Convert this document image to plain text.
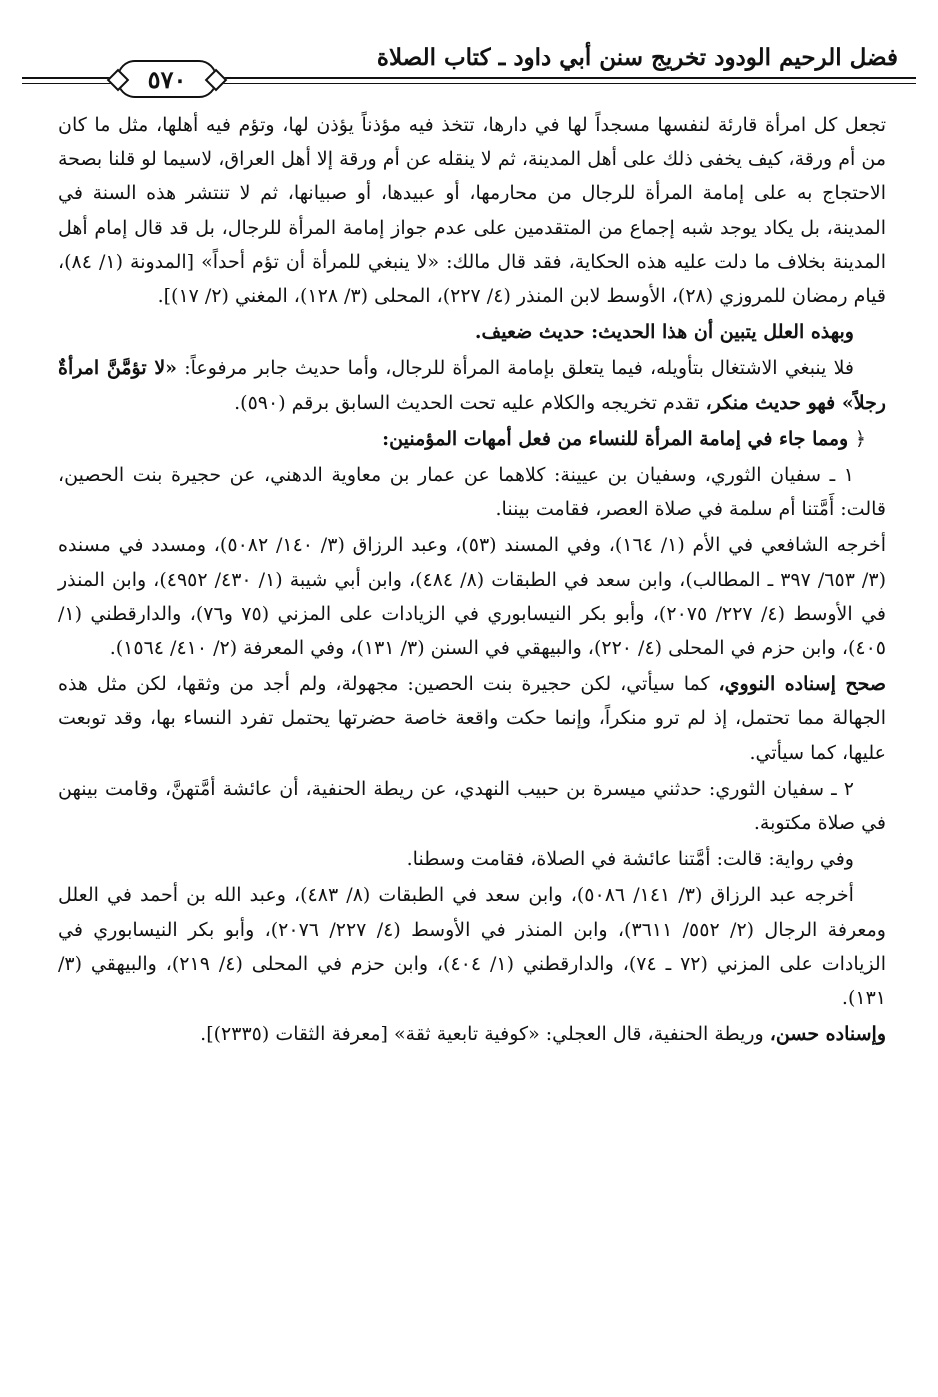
فضل الرحيم الودود تخريج سنن أبي داود ـ كتاب الصلاة
٥٧٠

تجعل كل امرأة قارئة لنفسها مسجداً لها في دارها، تتخذ فيه مؤذناً يؤذن لها، وتؤم فيه أهلها، مثل ما كان من أم ورقة، كيف يخفى ذلك على أهل المدينة، ثم لا ينقله عن أم ورقة إلا أهل العراق، لاسيما لو قلنا بصحة الاحتجاج به على إمامة المرأة للرجال من محارمها، أو عبيدها، أو صبيانها، ثم لا تنتشر هذه السنة في المدينة، بل يكاد يوجد شبه إجماع من المتقدمين على عدم جواز إمامة المرأة للرجال، بل قد قال إمام أهل المدينة بخلاف ما دلت عليه هذه الحكاية، فقد قال مالك: «لا ينبغي للمرأة أن تؤم أحداً» [المدونة (١/ ٨٤)، قيام رمضان للمروزي (٢٨)، الأوسط لابن المنذر (٤/ ٢٢٧)، المحلى (٣/ ١٢٨)، المغني (٢/ ١٧)].

وبهذه العلل يتبين أن هذا الحديث: حديث ضعيف.

فلا ينبغي الاشتغال بتأويله، فيما يتعلق بإمامة المرأة للرجال، وأما حديث جابر مرفوعاً: «لا تؤمَّنَّ امرأةٌ رجلاً» فهو حديث منكر، تقدم تخريجه والكلام عليه تحت الحديث السابق برقم (٥٩٠).

﴿ ومما جاء في إمامة المرأة للنساء من فعل أمهات المؤمنين:

١ ـ سفيان الثوري، وسفيان بن عيينة: كلاهما عن عمار بن معاوية الدهني، عن حجيرة بنت الحصين، قالت: أَمَّتنا أم سلمة في صلاة العصر، فقامت بيننا.

أخرجه الشافعي في الأم (١/ ١٦٤)، وفي المسند (٥٣)، وعبد الرزاق (٣/ ١٤٠/ ٥٠٨٢)، ومسدد في مسنده (٣/ ٦٥٣/ ٣٩٧ ـ المطالب)، وابن سعد في الطبقات (٨/ ٤٨٤)، وابن أبي شيبة (١/ ٤٣٠/ ٤٩٥٢)، وابن المنذر في الأوسط (٤/ ٢٢٧/ ٢٠٧٥)، وأبو بكر النيسابوري في الزيادات على المزني (٧٥ و٧٦)، والدارقطني (١/ ٤٠٥)، وابن حزم في المحلى (٤/ ٢٢٠)، والبيهقي في السنن (٣/ ١٣١)، وفي المعرفة (٢/ ٤١٠/ ١٥٦٤).

صحح إسناده النووي، كما سيأتي، لكن حجيرة بنت الحصين: مجهولة، ولم أجد من وثقها، لكن مثل هذه الجهالة مما تحتمل، إذ لم ترو منكراً، وإنما حكت واقعة خاصة حضرتها يحتمل تفرد النساء بها، وقد توبعت عليها، كما سيأتي.

٢ ـ سفيان الثوري: حدثني ميسرة بن حبيب النهدي، عن ريطة الحنفية، أن عائشة أمَّتهنَّ، وقامت بينهن في صلاة مكتوبة.

وفي رواية: قالت: أمَّتنا عائشة في الصلاة، فقامت وسطنا.

أخرجه عبد الرزاق (٣/ ١٤١/ ٥٠٨٦)، وابن سعد في الطبقات (٨/ ٤٨٣)، وعبد الله بن أحمد في العلل ومعرفة الرجال (٢/ ٥٥٢/ ٣٦١١)، وابن المنذر في الأوسط (٤/ ٢٢٧/ ٢٠٧٦)، وأبو بكر النيسابوري في الزيادات على المزني (٧٢ ـ ٧٤)، والدارقطني (١/ ٤٠٤)، وابن حزم في المحلى (٤/ ٢١٩)، والبيهقي (٣/ ١٣١).

وإسناده حسن، وريطة الحنفية، قال العجلي: «كوفية تابعية ثقة» [معرفة الثقات (٢٣٣٥)].
